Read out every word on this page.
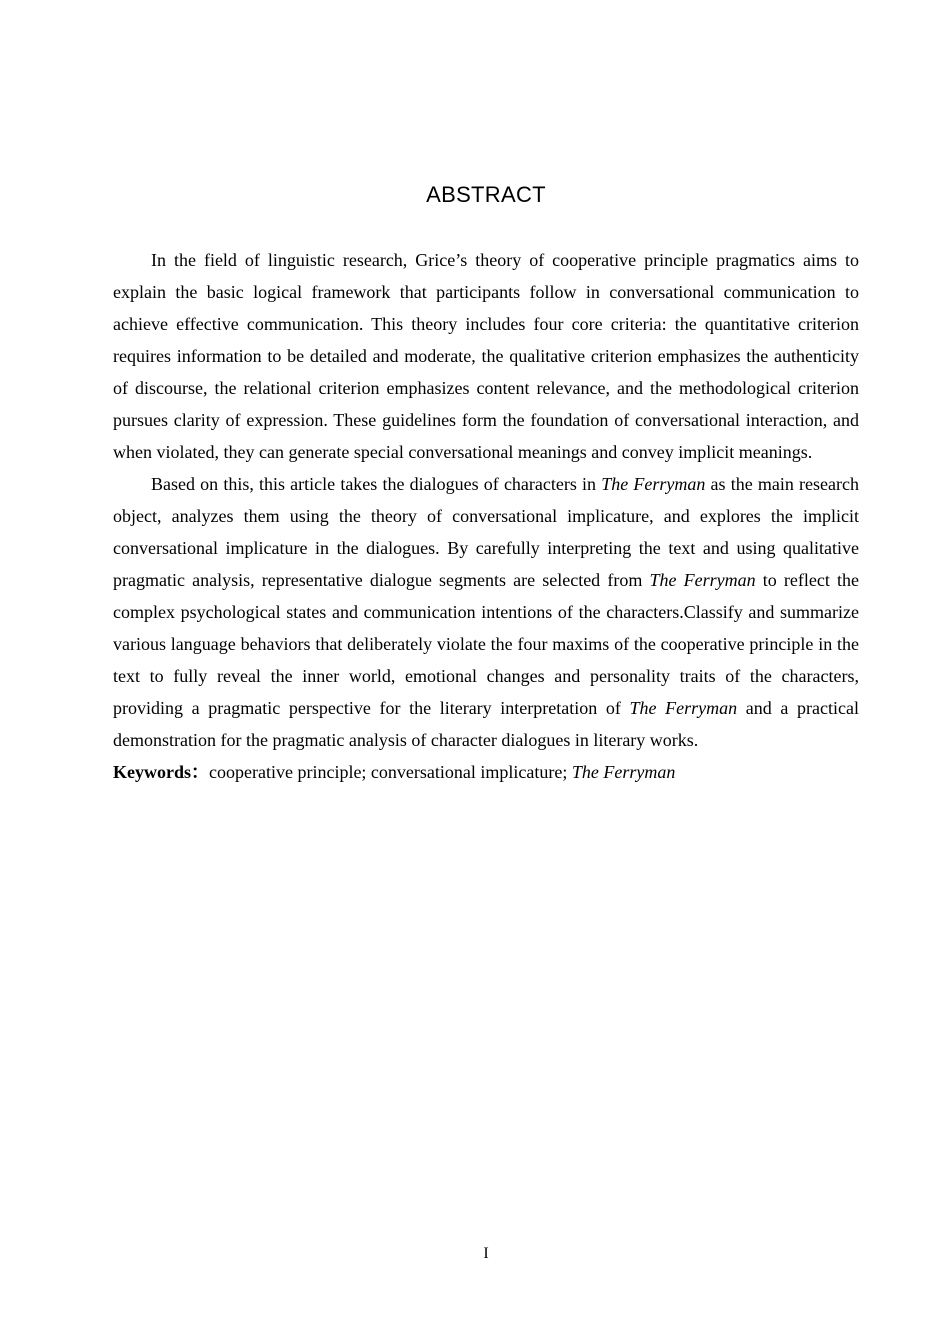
ABSTRACT

In the field of linguistic research, Grice’s theory of cooperative principle pragmatics aims to explain the basic logical framework that participants follow in conversational communication to achieve effective communication. This theory includes four core criteria: the quantitative criterion requires information to be detailed and moderate, the qualitative criterion emphasizes the authenticity of discourse, the relational criterion emphasizes content relevance, and the methodological criterion pursues clarity of expression. These guidelines form the foundation of conversational interaction, and when violated, they can generate special conversational meanings and convey implicit meanings.

Based on this, this article takes the dialogues of characters in The Ferryman as the main research object, analyzes them using the theory of conversational implicature, and explores the implicit conversational implicature in the dialogues. By carefully interpreting the text and using qualitative pragmatic analysis, representative dialogue segments are selected from The Ferryman to reflect the complex psychological states and communication intentions of the characters.Classify and summarize various language behaviors that deliberately violate the four maxims of the cooperative principle in the text to fully reveal the inner world, emotional changes and personality traits of the characters, providing a pragmatic perspective for the literary interpretation of The Ferryman and a practical demonstration for the pragmatic analysis of character dialogues in literary works.

Keywords：cooperative principle; conversational implicature; The Ferryman

I
